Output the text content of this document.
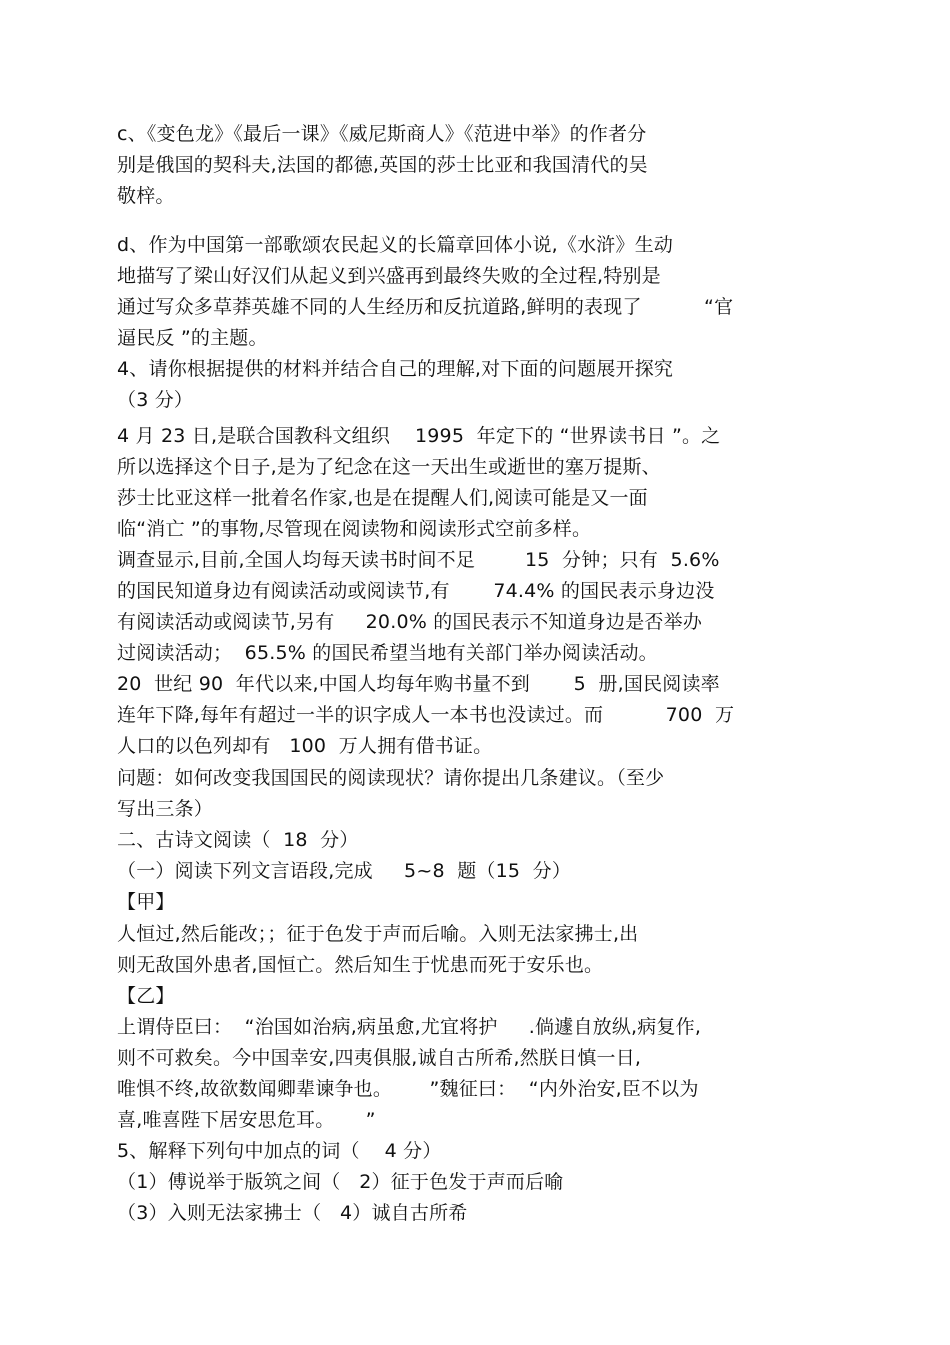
c、《变色龙》《最后一课》《威尼斯商人》《范进中举》的作者分
别是俄国的契科夫,法国的都德,英国的莎士比亚和我国清代的吴
敬梓。
d、作为中国第一部歌颂农民起义的长篇章回体小说,《水浒》生动
地描写了梁山好汉们从起义到兴盛再到最终失败的全过程,特别是
通过写众多草莽英雄不同的人生经历和反抗道路,鲜明的表现了          “官
逼民反 ”的主题。
4、请你根据提供的材料并结合自己的理解,对下面的问题展开探究
（3 分）
4 月 23 日,是联合国教科文组织    1995  年定下的 “世界读书日 ”。之
所以选择这个日子,是为了纪念在这一天出生或逝世的塞万提斯、
莎士比亚这样一批着名作家,也是在提醒人们,阅读可能是又一面
临“消亡 ”的事物,尽管现在阅读物和阅读形式空前多样。
调查显示,目前,全国人均每天读书时间不足        15  分钟；只有  5.6%
的国民知道身边有阅读活动或阅读节,有       74.4% 的国民表示身边没
有阅读活动或阅读节,另有     20.0% 的国民表示不知道身边是否举办
过阅读活动；  65.5% 的国民希望当地有关部门举办阅读活动。
20  世纪 90  年代以来,中国人均每年购书量不到       5  册,国民阅读率
连年下降,每年有超过一半的识字成人一本书也没读过。而          700  万
人口的以色列却有   100  万人拥有借书证。
问题：如何改变我国国民的阅读现状？请你提出几条建议。（至少
写出三条）
二、古诗文阅读（  18  分）
（一）阅读下列文言语段,完成     5~8  题（15  分）
【甲】
人恒过,然后能改；；征于色发于声而后喻。入则无法家拂士,出
则无敌国外患者,国恒亡。然后知生于忧患而死于安乐也。
【乙】
上谓侍臣曰：  “治国如治病,病虽愈,尤宜将护     .倘遽自放纵,病复作,
则不可救矣。今中国幸安,四夷俱服,诚自古所希,然朕日慎一日,
唯惧不终,故欲数闻卿辈谏争也。      ”魏征曰：  “内外治安,臣不以为
喜,唯喜陛下居安思危耳。     ”
5、解释下列句中加点的词（    4 分）
（1）傅说举于版筑之间（   2）征于色发于声而后喻
（3）入则无法家拂士（   4）诚自古所希
